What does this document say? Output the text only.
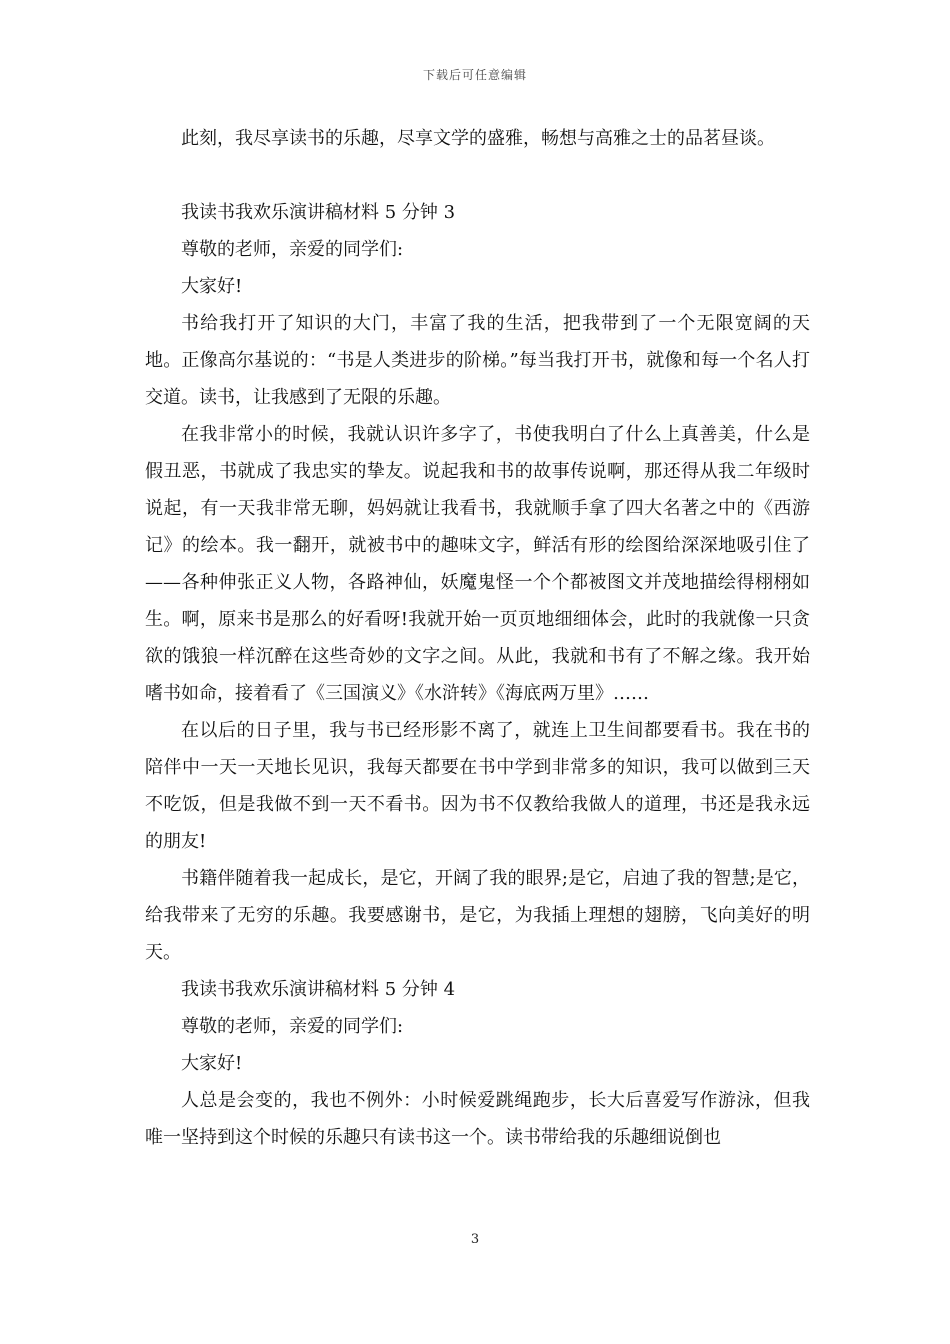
下载后可任意编辑

此刻，我尽享读书的乐趣，尽享文学的盛雅，畅想与高雅之士的品茗昼谈。

我读书我欢乐演讲稿材料 5 分钟 3

尊敬的老师，亲爱的同学们:

大家好!

书给我打开了知识的大门，丰富了我的生活，把我带到了一个无限宽阔的天地。正像高尔基说的：“书是人类进步的阶梯。”每当我打开书，就像和每一个名人打交道。读书，让我感到了无限的乐趣。

在我非常小的时候，我就认识许多字了，书使我明白了什么上真善美，什么是假丑恶，书就成了我忠实的挚友。说起我和书的故事传说啊，那还得从我二年级时说起，有一天我非常无聊，妈妈就让我看书，我就顺手拿了四大名著之中的《西游记》的绘本。我一翻开，就被书中的趣味文字，鲜活有形的绘图给深深地吸引住了——各种伸张正义人物，各路神仙，妖魔鬼怪一个个都被图文并茂地描绘得栩栩如生。啊，原来书是那么的好看呀!我就开始一页页地细细体会，此时的我就像一只贪欲的饿狼一样沉醉在这些奇妙的文字之间。从此，我就和书有了不解之缘。我开始嗜书如命，接着看了《三国演义》《水浒转》《海底两万里》……

在以后的日子里，我与书已经形影不离了，就连上卫生间都要看书。我在书的陪伴中一天一天地长见识，我每天都要在书中学到非常多的知识，我可以做到三天不吃饭，但是我做不到一天不看书。因为书不仅教给我做人的道理，书还是我永远的朋友!

书籍伴随着我一起成长，是它，开阔了我的眼界;是它，启迪了我的智慧;是它，给我带来了无穷的乐趣。我要感谢书，是它，为我插上理想的翅膀，飞向美好的明天。

我读书我欢乐演讲稿材料 5 分钟 4

尊敬的老师，亲爱的同学们:

大家好!

人总是会变的，我也不例外：小时候爱跳绳跑步，长大后喜爱写作游泳，但我唯一坚持到这个时候的乐趣只有读书这一个。读书带给我的乐趣细说倒也

3
